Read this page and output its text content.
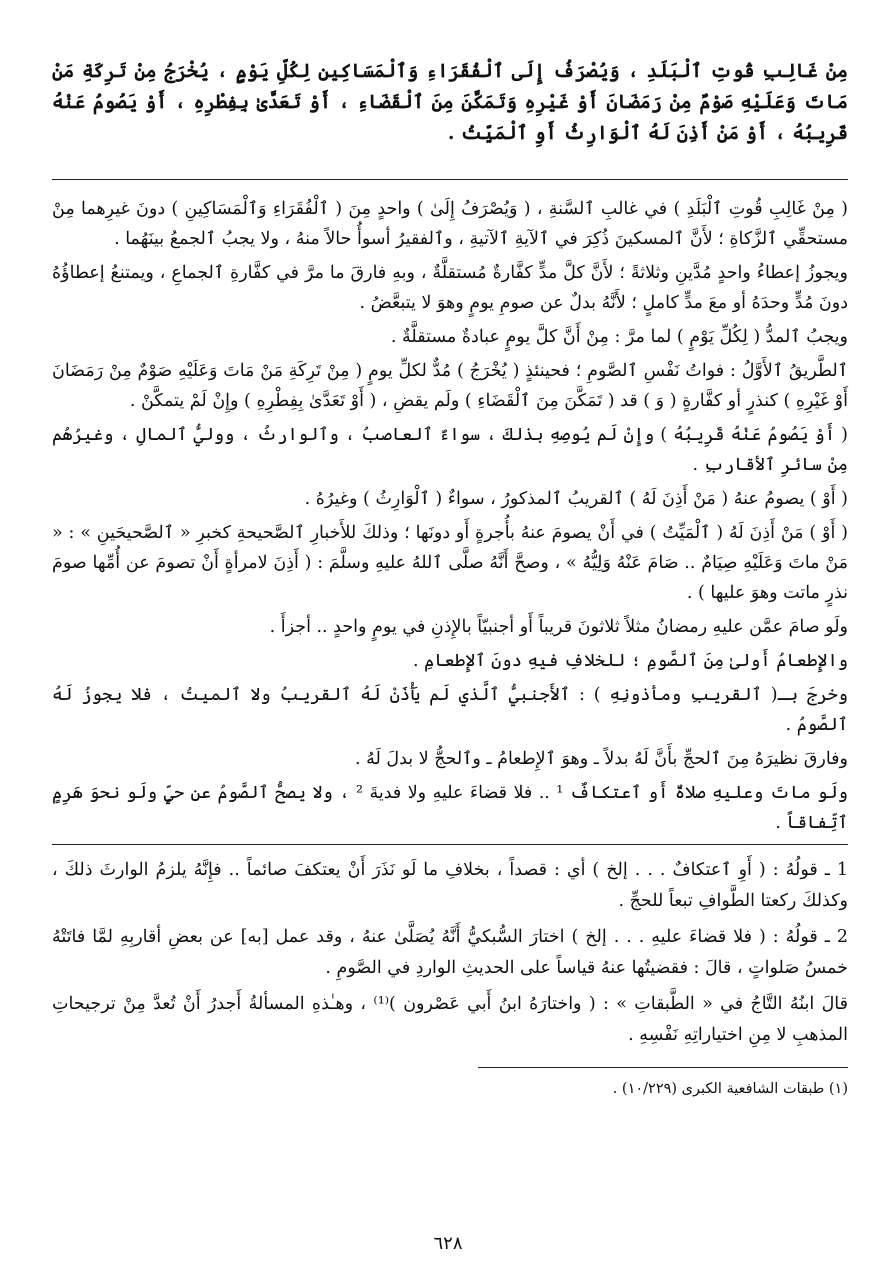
مِنْ غَالِبِ قُوتِ ٱلْبَلَدِ ، وَيُصْرَفُ إِلَى ٱلْفُقَرَاءِ وَٱلْمَسَاكِينِ لِكُلِّ يَوْمٍ ، يُخْرَجُ مِنْ تَرِكَةِ مَنْ مَاتَ وَعَلَيْهِ صَوْمٌ مِنْ رَمَضَانَ أَوْ غَيْرِهِ وَتَمَكَّنَ مِنَ ٱلْقَضَاءِ ، أَوْ تَعَدَّىٰ بِفِطْرِهِ ، أَوْ يَصُومُ عَنْهُ قَرِيبُهُ ، أَوْ مَنْ أَذِنَ لَهُ ٱلْوَارِثُ أَوِ ٱلْمَيِّتُ .

( مِنْ غَالِبِ قُوتِ ٱلْبَلَدِ ) في غالبِ ٱلسَّنةِ ، ( وَيُصْرَفُ إِلَىٰ ) واحدٍ مِنَ ( ٱلْفُقَرَاءِ وَٱلْمَسَاكِينِ ) دونَ غيرِهما مِنْ مستحقِّي ٱلزَّكاةِ ؛ لأَنَّ ٱلمسكينَ ذُكِرَ في ٱلآيةِ ٱلآتيةِ ، وٱلفقيرُ أسوأُ حالاً منهُ ، ولا يجبُ ٱلجمعُ بينَهُما .

ويجوزُ إعطاءُ واحدٍ مُدَّينِ وثلاثةً ؛ لأَنَّ كلَّ مدٍّ كفَّارةٌ مُستقلَّةٌ ، وبهِ فارقَ ما مرَّ في كفَّارةِ ٱلجماعِ ، ويمتنعُ إعطاؤُهُ دونَ مُدٍّ وحدَهُ أو معَ مدٍّ كاملٍ ؛ لأَنَّهُ بدلٌ عن صومِ يومٍ وهوَ لا يتبعَّضُ .

ويجبُ ٱلمدُّ ( لِكُلِّ يَوْمٍ ) لما مرَّ : مِنْ أَنَّ كلَّ يومٍ عبادةٌ مستقلَّةٌ .

ٱلطَّريقُ ٱلأَوَّلُ : فواتُ نَفْسِ ٱلصَّومِ ؛ فحينئذٍ ( يُخْرَجُ ) مُدٌّ لكلِّ يومٍ ( مِنْ تَرِكَةِ مَنْ مَاتَ وَعَلَيْهِ صَوْمٌ مِنْ رَمَضَانَ أَوْ غَيْرِهِ ) كنذرٍ أو كفَّارةٍ ( وَ ) قد ( تَمَكَّنَ مِنَ ٱلْقَضَاءِ ) ولَم يقضِ ، ( أَوْ تَعَدَّىٰ بِفِطْرِهِ ) وإِنْ لَمْ يتمكَّنْ .

( أَوْ يَصُومُ عَنْهُ قَرِيبُهُ ) وإِنْ لَم يُوصِهِ بذلكَ ، سواءٌ ٱلعاصبُ ، وٱلوارثُ ، ووليُّ ٱلمالِ ، وغيرُهُم مِنْ سائرِ ٱلأقاربِ .

( أَوْ ) يصومُ عنهُ ( مَنْ أَذِنَ لَهُ ) ٱلقريبُ ٱلمذكورُ ، سواءٌ ( ٱلْوَارِثُ ) وغيرُهُ .

( أَوْ ) مَنْ أَذِنَ لَهُ ( ٱلْمَيِّتُ ) في أَنْ يصومَ عنهُ بأُجرةٍ أَو دونَها ؛ وذلكَ للأَخبارِ ٱلصَّحيحةِ كخبرِ « ٱلصَّحيحَينِ » : « مَنْ ماتَ وَعَلَيْهِ صِيَامٌ .. صَامَ عَنْهُ وَلِيُّهُ » ، وصحَّ أَنَّهُ صلَّى ٱللهُ عليهِ وسلَّمَ : ( أَذِنَ لامرأةٍ أَنْ تصومَ عن أُمِّها صومَ نذرٍ ماتت وهوَ عليها ) .

ولَو صامَ عمَّن عليهِ رمضانُ مثلاً ثلاثونَ قريباً أَو أجنبيّاً بالإِذنِ في يومٍ واحدٍ .. أجزأَ .

والإِطعامُ أَولىٰ مِنَ ٱلصَّومِ ؛ للخلافِ فيهِ دونَ ٱلإِطعامِ .

وخرجَ بـ( ٱلقريبِ ومأذونِهِ ) : ٱلأَجنبيُّ ٱلَّذي لَم يَأْذَنْ لَهُ ٱلقريبُ ولا ٱلميتُ ، فلا يجوزُ لَهُ ٱلصَّومُ .

وفارقَ نظيرَهُ مِنَ ٱلحجِّ بأَنَّ لَهُ بدلاً ـ وهوَ ٱلإِطعامُ ـ وٱلحجُّ لا بدلَ لَهُ .

ولَو ماتَ وعليهِ صلاةٌ أَو ٱعتكافٌ ¹ .. فلا قضاءَ عليهِ ولا فديةَ ² ، ولا يصحُّ ٱلصَّومُ عن حيٍّ ولَو نحوَ هَرِمٍ ٱتِّفاقاً .

1 ـ قولُهُ : ( أَوِ ٱعتكافٌ . . . إلخ ) أي : قصداً ، بخلافِ ما لَو نَذَرَ أَنْ يعتكفَ صائماً .. فإِنَّهُ يلزمُ الوارثَ ذلكَ ، وكذلكَ ركعتا الطَّوافِ تبعاً للحجِّ .

2 ـ قولُهُ : ( فلا قضاءَ عليهِ . . . إلخ ) اختارَ السُّبكيُّ أَنَّهُ يُصَلَّىٰ عنهُ ، وقد عمل [به] عن بعضِ أقاربِهِ لمَّا فاتَتْهُ خمسُ صَلواتٍ ، قالَ : فقضيتُها عنهُ قياساً على الحديثِ الواردِ في الصَّومِ .

قالَ ابنُهُ التَّاجُ في « الطَّبقاتِ » : ( واختارَهُ ابنُ أَبي عَصْرون )⁽¹⁾ ، وهـٰذهِ المسألةُ أَجدرُ أَنْ تُعدَّ مِنْ ترجيحاتِ المذهبِ لا مِنِ اختياراتِهِ نَفْسِهِ .

(١) طبقات الشافعية الكبرى (١٠/٢٢٩) .

٦٢٨
